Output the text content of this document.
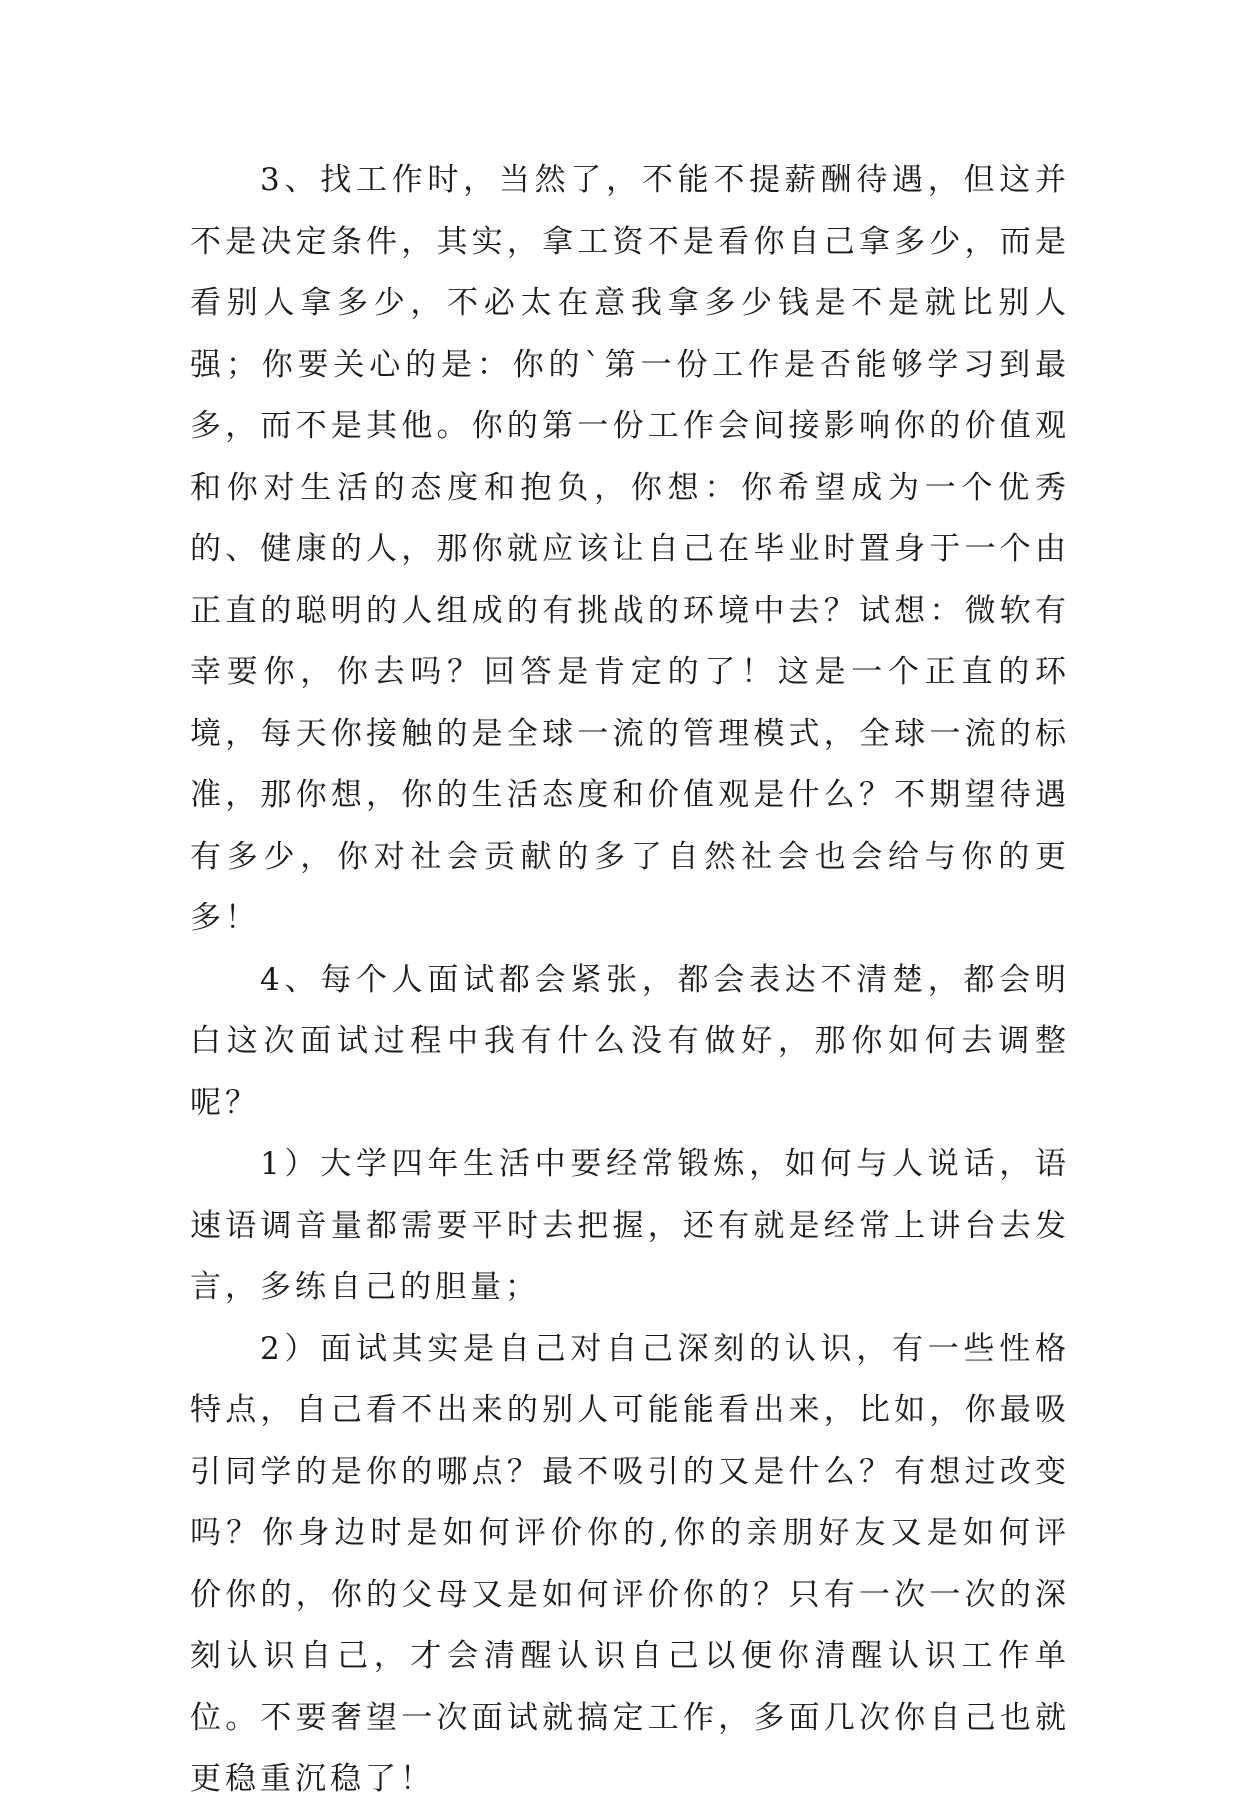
3、找工作时，当然了，不能不提薪酬待遇，但这并不是决定条件，其实，拿工资不是看你自己拿多少，而是看别人拿多少，不必太在意我拿多少钱是不是就比别人强；你要关心的是：你的`第一份工作是否能够学习到最多，而不是其他。你的第一份工作会间接影响你的价值观和你对生活的态度和抱负，你想：你希望成为一个优秀的、健康的人，那你就应该让自己在毕业时置身于一个由正直的聪明的人组成的有挑战的环境中去？试想：微软有幸要你，你去吗？回答是肯定的了！这是一个正直的环境，每天你接触的是全球一流的管理模式，全球一流的标准，那你想，你的生活态度和价值观是什么？不期望待遇有多少，你对社会贡献的多了自然社会也会给与你的更多！

4、每个人面试都会紧张，都会表达不清楚，都会明白这次面试过程中我有什么没有做好，那你如何去调整呢？

1）大学四年生活中要经常锻炼，如何与人说话，语速语调音量都需要平时去把握，还有就是经常上讲台去发言，多练自己的胆量；

2）面试其实是自己对自己深刻的认识，有一些性格特点，自己看不出来的别人可能能看出来，比如，你最吸引同学的是你的哪点？最不吸引的又是什么？有想过改变吗？你身边时是如何评价你的,你的亲朋好友又是如何评价你的，你的父母又是如何评价你的？只有一次一次的深刻认识自己，才会清醒认识自己以便你清醒认识工作单位。不要奢望一次面试就搞定工作，多面几次你自己也就更稳重沉稳了！
